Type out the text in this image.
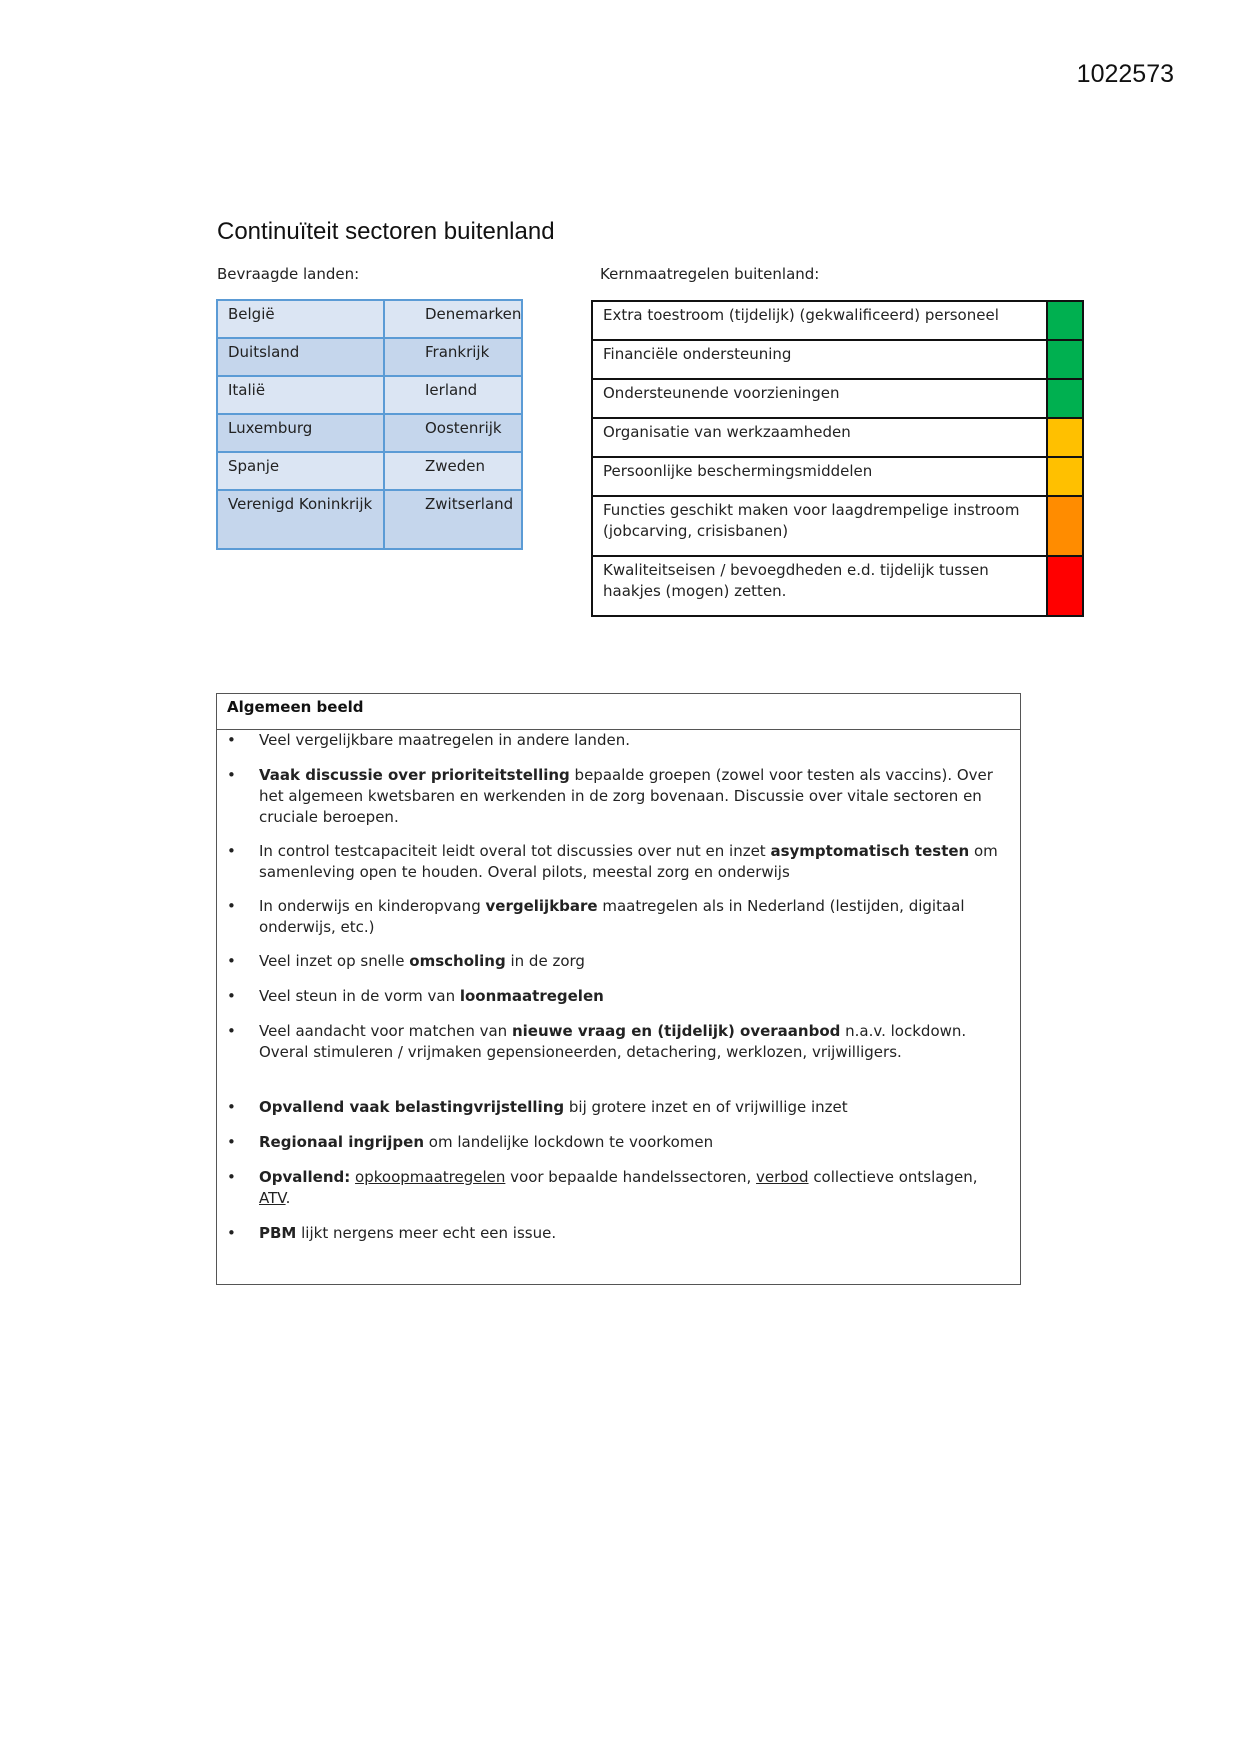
1022573
Continuïteit sectoren buitenland
Bevraagde landen:	Kernmaatregelen buitenland:
België	Denemarken
Duitsland	Frankrijk
Italië	Ierland
Luxemburg	Oostenrijk
Spanje	Zweden
Verenigd Koninkrijk	Zwitserland
Extra toestroom (tijdelijk) (gekwalificeerd) personeel	
Financiële ondersteuning	
Ondersteunende voorzieningen	
Organisatie van werkzaamheden	
Persoonlijke beschermingsmiddelen	
Functies geschikt maken voor laagdrempelige instroom (jobcarving, crisisbanen)	
Kwaliteitseisen / bevoegdheden e.d. tijdelijk tussen haakjes (mogen) zetten.	
Algemeen beeld
• Veel vergelijkbare maatregelen in andere landen.
• Vaak discussie over prioriteitstelling bepaalde groepen (zowel voor testen als vaccins). Over het algemeen kwetsbaren en werkenden in de zorg bovenaan. Discussie over vitale sectoren en cruciale beroepen.
• In control testcapaciteit leidt overal tot discussies over nut en inzet asymptomatisch testen om samenleving open te houden. Overal pilots, meestal zorg en onderwijs
• In onderwijs en kinderopvang vergelijkbare maatregelen als in Nederland (lestijden, digitaal onderwijs, etc.)
• Veel inzet op snelle omscholing in de zorg
• Veel steun in de vorm van loonmaatregelen
• Veel aandacht voor matchen van nieuwe vraag en (tijdelijk) overaanbod n.a.v. lockdown. Overal stimuleren / vrijmaken gepensioneerden, detachering, werklozen, vrijwilligers.
• Opvallend vaak belastingvrijstelling bij grotere inzet en of vrijwillige inzet
• Regionaal ingrijpen om landelijke lockdown te voorkomen
• Opvallend: opkoopmaatregelen voor bepaalde handelssectoren, verbod collectieve ontslagen, ATV.
• PBM lijkt nergens meer echt een issue.
